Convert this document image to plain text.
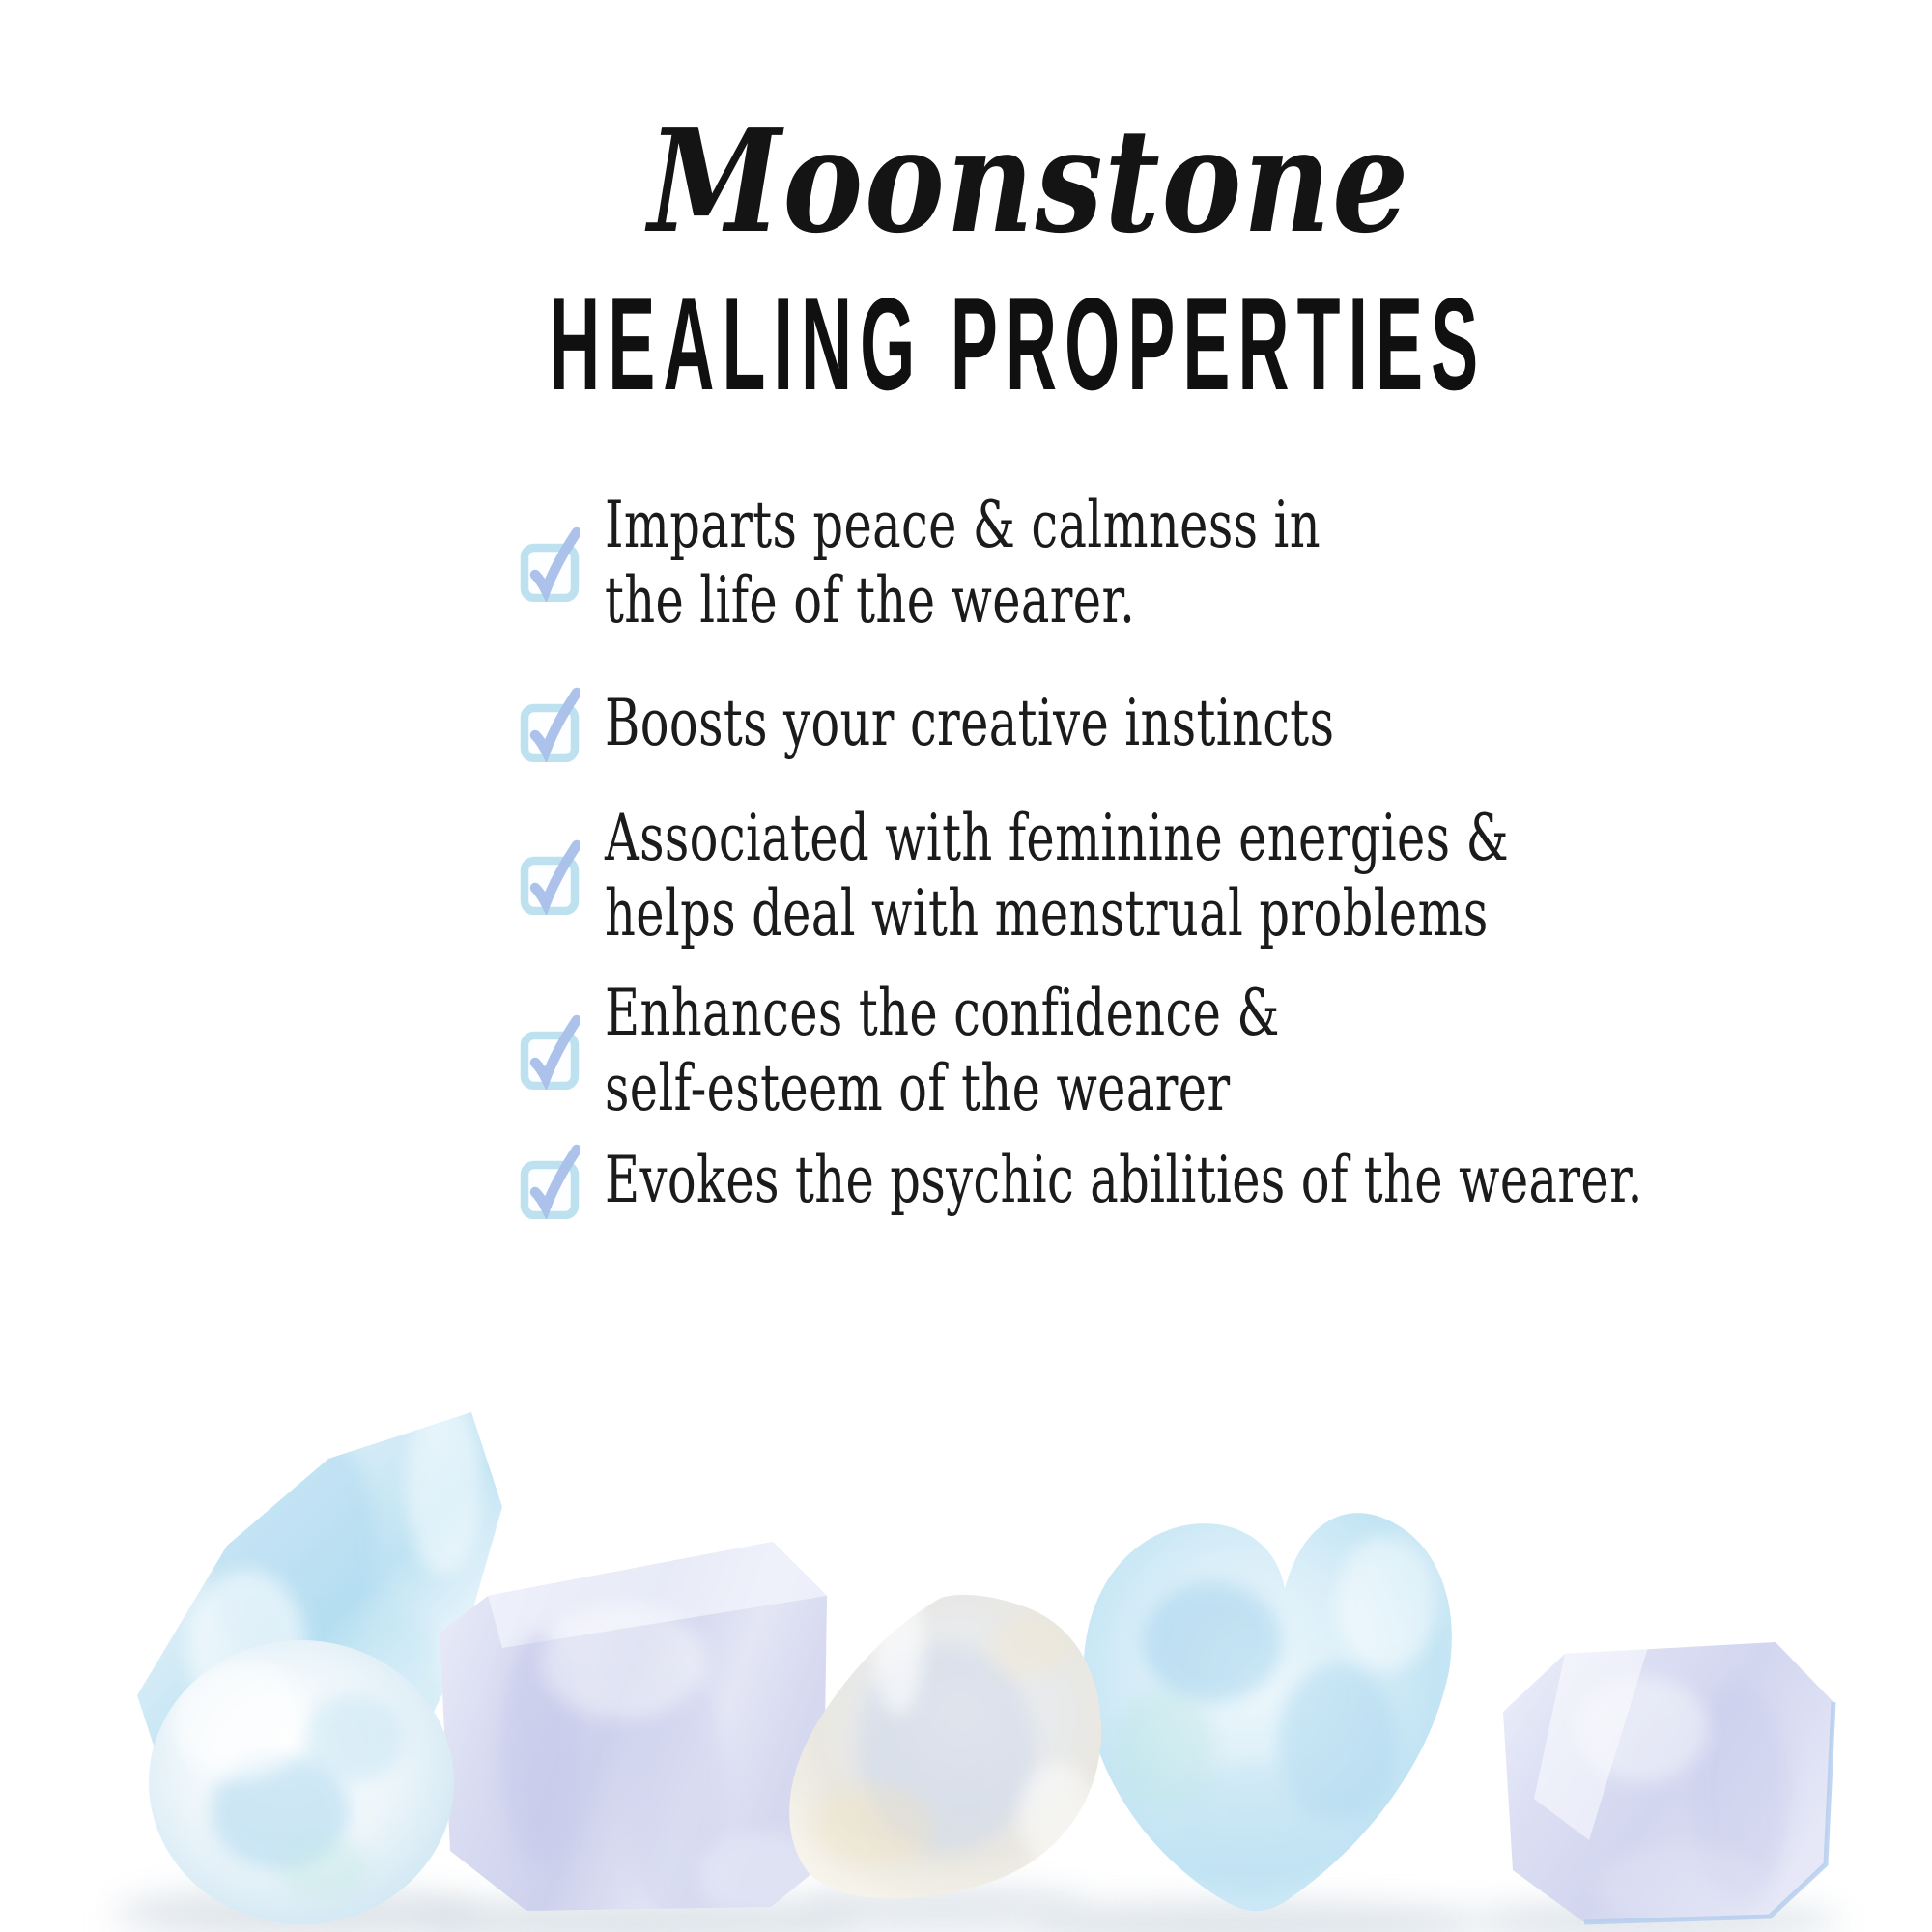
Moonstone
HEALING PROPERTIES
Imparts peace & calmness in
the life of the wearer.
Boosts your creative instincts
Associated with feminine energies &
helps deal with menstrual problems
Enhances the confidence &
self-esteem of the wearer
Evokes the psychic abilities of the wearer.
